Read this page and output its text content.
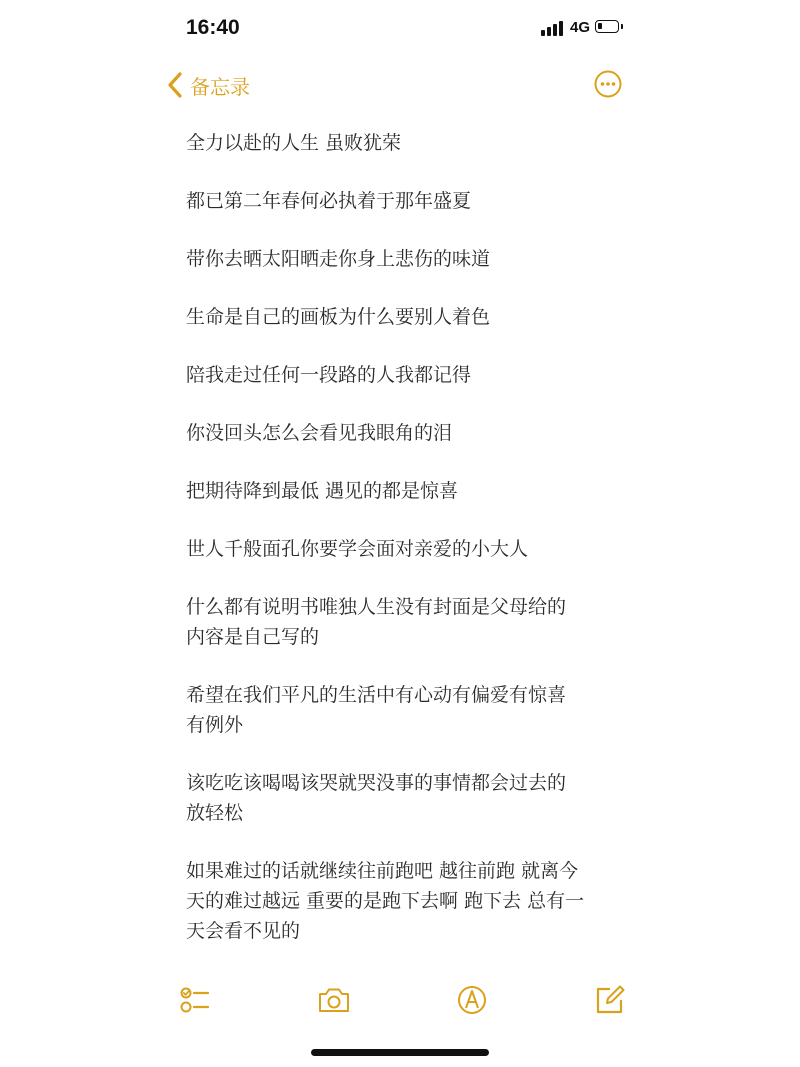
16:40	4G
备忘录
全力以赴的人生 虽败犹荣
都已第二年春何必执着于那年盛夏
带你去晒太阳晒走你身上悲伤的味道
生命是自己的画板为什么要别人着色
陪我走过任何一段路的人我都记得
你没回头怎么会看见我眼角的泪
把期待降到最低 遇见的都是惊喜
世人千般面孔你要学会面对亲爱的小大人
什么都有说明书唯独人生没有封面是父母给的
内容是自己写的
希望在我们平凡的生活中有心动有偏爱有惊喜
有例外
该吃吃该喝喝该哭就哭没事的事情都会过去的
放轻松
如果难过的话就继续往前跑吧 越往前跑 就离今
天的难过越远 重要的是跑下去啊 跑下去 总有一
天会看不见的
